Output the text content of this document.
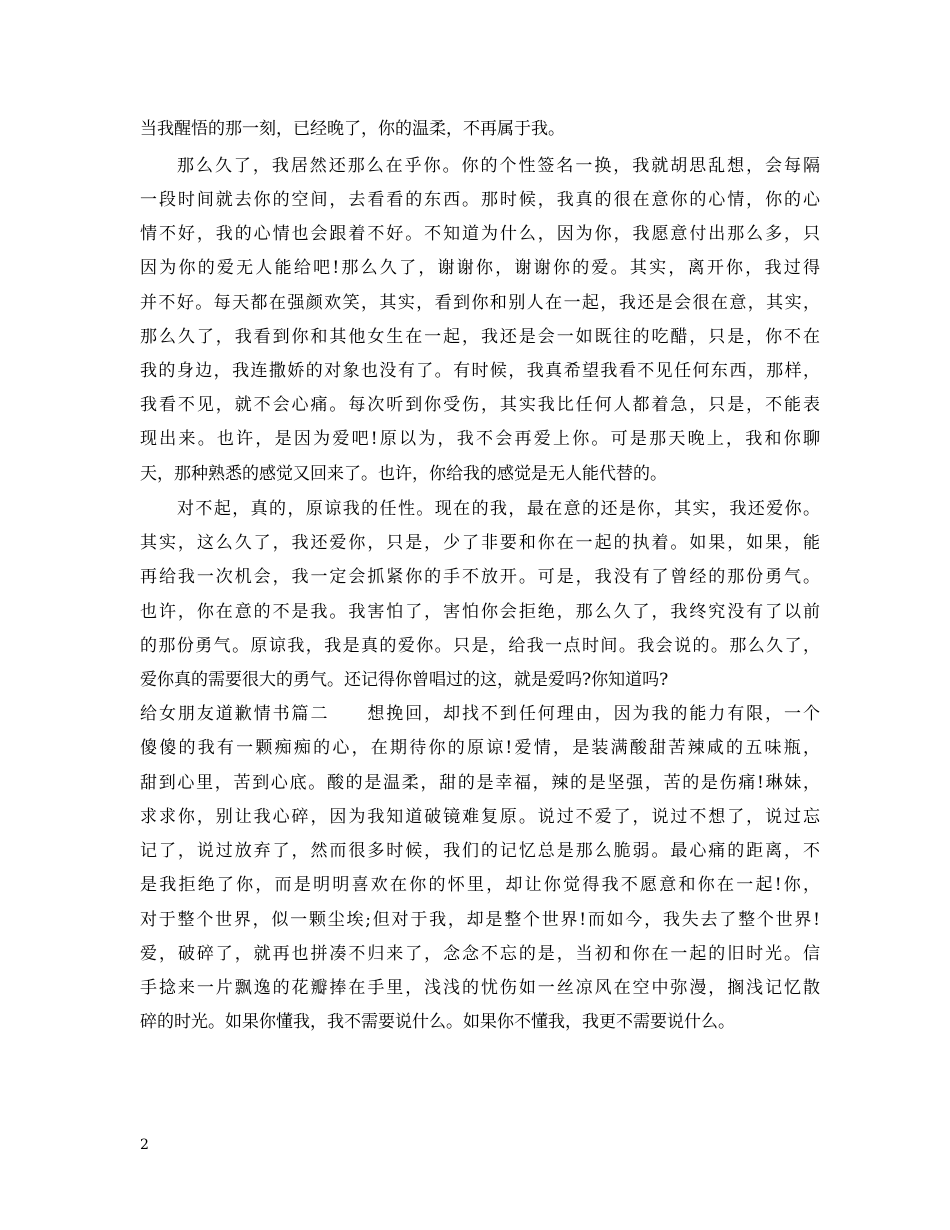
当我醒悟的那一刻，已经晚了，你的温柔，不再属于我。
那么久了，我居然还那么在乎你。你的个性签名一换，我就胡思乱想，会每隔
一段时间就去你的空间，去看看的东西。那时候，我真的很在意你的心情，你的心
情不好，我的心情也会跟着不好。不知道为什么，因为你，我愿意付出那么多，只
因为你的爱无人能给吧!那么久了，谢谢你，谢谢你的爱。其实，离开你，我过得
并不好。每天都在强颜欢笑，其实，看到你和别人在一起，我还是会很在意，其实，
那么久了，我看到你和其他女生在一起，我还是会一如既往的吃醋，只是，你不在
我的身边，我连撒娇的对象也没有了。有时候，我真希望我看不见任何东西，那样，
我看不见，就不会心痛。每次听到你受伤，其实我比任何人都着急，只是，不能表
现出来。也许，是因为爱吧!原以为，我不会再爱上你。可是那天晚上，我和你聊
天，那种熟悉的感觉又回来了。也许，你给我的感觉是无人能代替的。
对不起，真的，原谅我的任性。现在的我，最在意的还是你，其实，我还爱你。
其实，这么久了，我还爱你，只是，少了非要和你在一起的执着。如果，如果，能
再给我一次机会，我一定会抓紧你的手不放开。可是，我没有了曾经的那份勇气。
也许，你在意的不是我。我害怕了，害怕你会拒绝，那么久了，我终究没有了以前
的那份勇气。原谅我，我是真的爱你。只是，给我一点时间。我会说的。那么久了，
爱你真的需要很大的勇气。还记得你曾唱过的这，就是爱吗?你知道吗?
给女朋友道歉情书篇二　　想挽回，却找不到任何理由，因为我的能力有限，一个
傻傻的我有一颗痴痴的心，在期待你的原谅!爱情，是装满酸甜苦辣咸的五味瓶，
甜到心里，苦到心底。酸的是温柔，甜的是幸福，辣的是坚强，苦的是伤痛!琳妹，
求求你，别让我心碎，因为我知道破镜难复原。说过不爱了，说过不想了，说过忘
记了，说过放弃了，然而很多时候，我们的记忆总是那么脆弱。最心痛的距离，不
是我拒绝了你，而是明明喜欢在你的怀里，却让你觉得我不愿意和你在一起!你，
对于整个世界，似一颗尘埃;但对于我，却是整个世界!而如今，我失去了整个世界!
爱，破碎了，就再也拼凑不归来了，念念不忘的是，当初和你在一起的旧时光。信
手捻来一片飘逸的花瓣捧在手里，浅浅的忧伤如一丝凉风在空中弥漫，搁浅记忆散
碎的时光。如果你懂我，我不需要说什么。如果你不懂我，我更不需要说什么。
2
